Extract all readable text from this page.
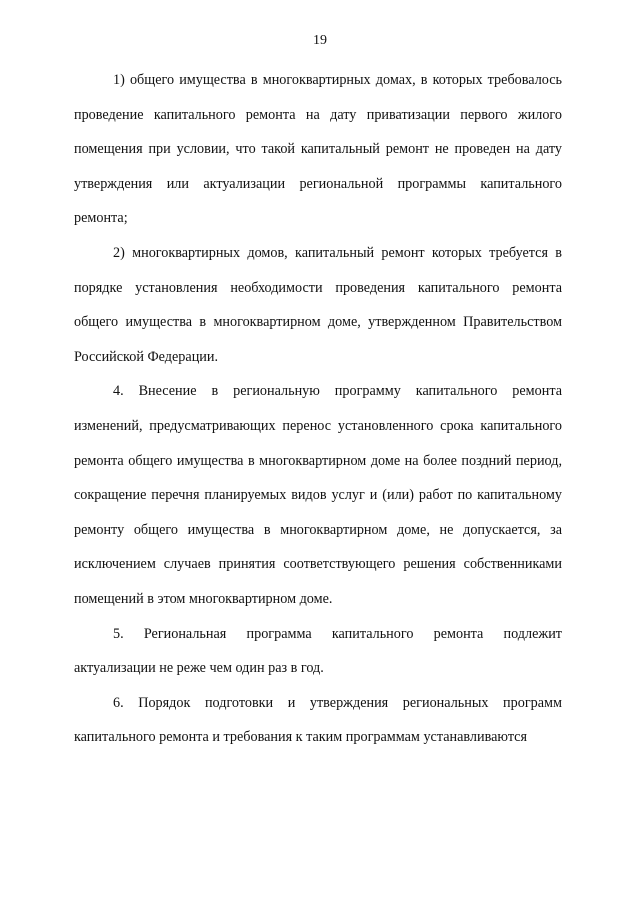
19

1) общего имущества в многоквартирных домах, в которых требовалось проведение капитального ремонта на дату приватизации первого жилого помещения при условии, что такой капитальный ремонт не проведен на дату утверждения или актуализации региональной программы капитального ремонта;

2) многоквартирных домов, капитальный ремонт которых требуется в порядке установления необходимости проведения капитального ремонта общего имущества в многоквартирном доме, утвержденном Правительством Российской Федерации.

4. Внесение в региональную программу капитального ремонта изменений, предусматривающих перенос установленного срока капитального ремонта общего имущества в многоквартирном доме на более поздний период, сокращение перечня планируемых видов услуг и (или) работ по капитальному ремонту общего имущества в многоквартирном доме, не допускается, за исключением случаев принятия соответствующего решения собственниками помещений в этом многоквартирном доме.

5. Региональная программа капитального ремонта подлежит актуализации не реже чем один раз в год.

6. Порядок подготовки и утверждения региональных программ капитального ремонта и требования к таким программам устанавливаются
